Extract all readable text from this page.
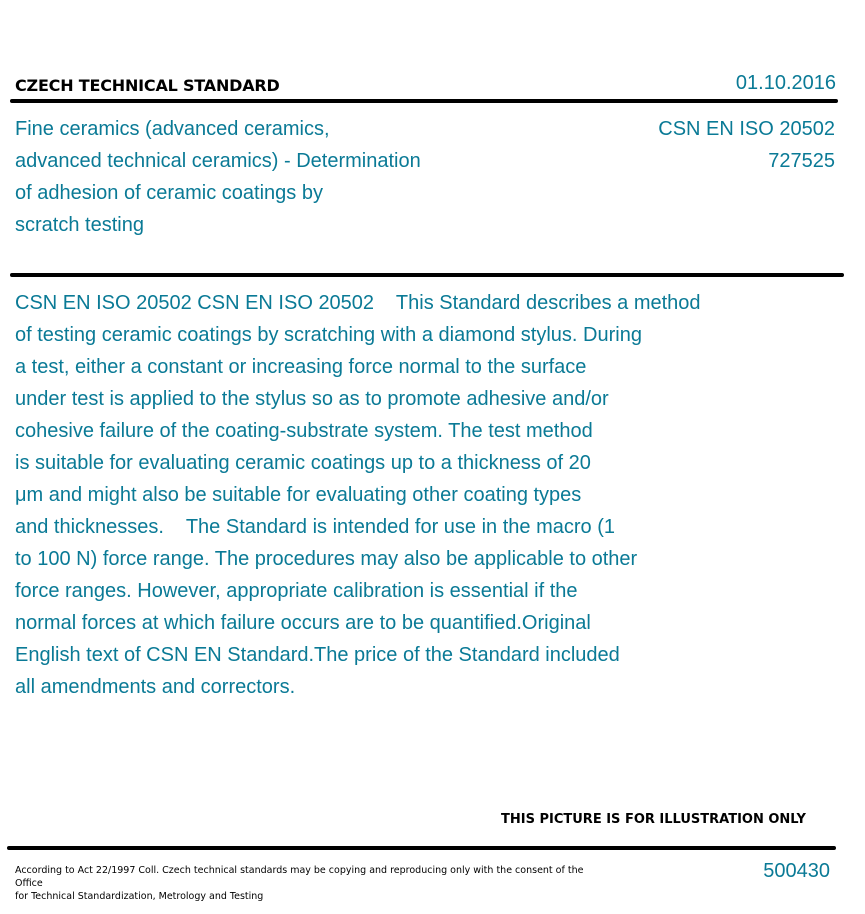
CZECH TECHNICAL STANDARD	01.10.2016
Fine ceramics (advanced ceramics,
advanced technical ceramics) - Determination
of adhesion of ceramic coatings by
scratch testing
CSN EN ISO 20502
727525
CSN EN ISO 20502 CSN EN ISO 20502    This Standard describes a method
of testing ceramic coatings by scratching with a diamond stylus. During
a test, either a constant or increasing force normal to the surface
under test is applied to the stylus so as to promote adhesive and/or
cohesive failure of the coating-substrate system. The test method
is suitable for evaluating ceramic coatings up to a thickness of 20
μm and might also be suitable for evaluating other coating types
and thicknesses.    The Standard is intended for use in the macro (1
to 100 N) force range. The procedures may also be applicable to other
force ranges. However, appropriate calibration is essential if the
normal forces at which failure occurs are to be quantified.Original
English text of CSN EN Standard.The price of the Standard included
all amendments and correctors.
THIS PICTURE IS FOR ILLUSTRATION ONLY
According to Act 22/1997 Coll. Czech technical standards may be copying and reproducing only with the consent of the Office
for Technical Standardization, Metrology and Testing
500430
